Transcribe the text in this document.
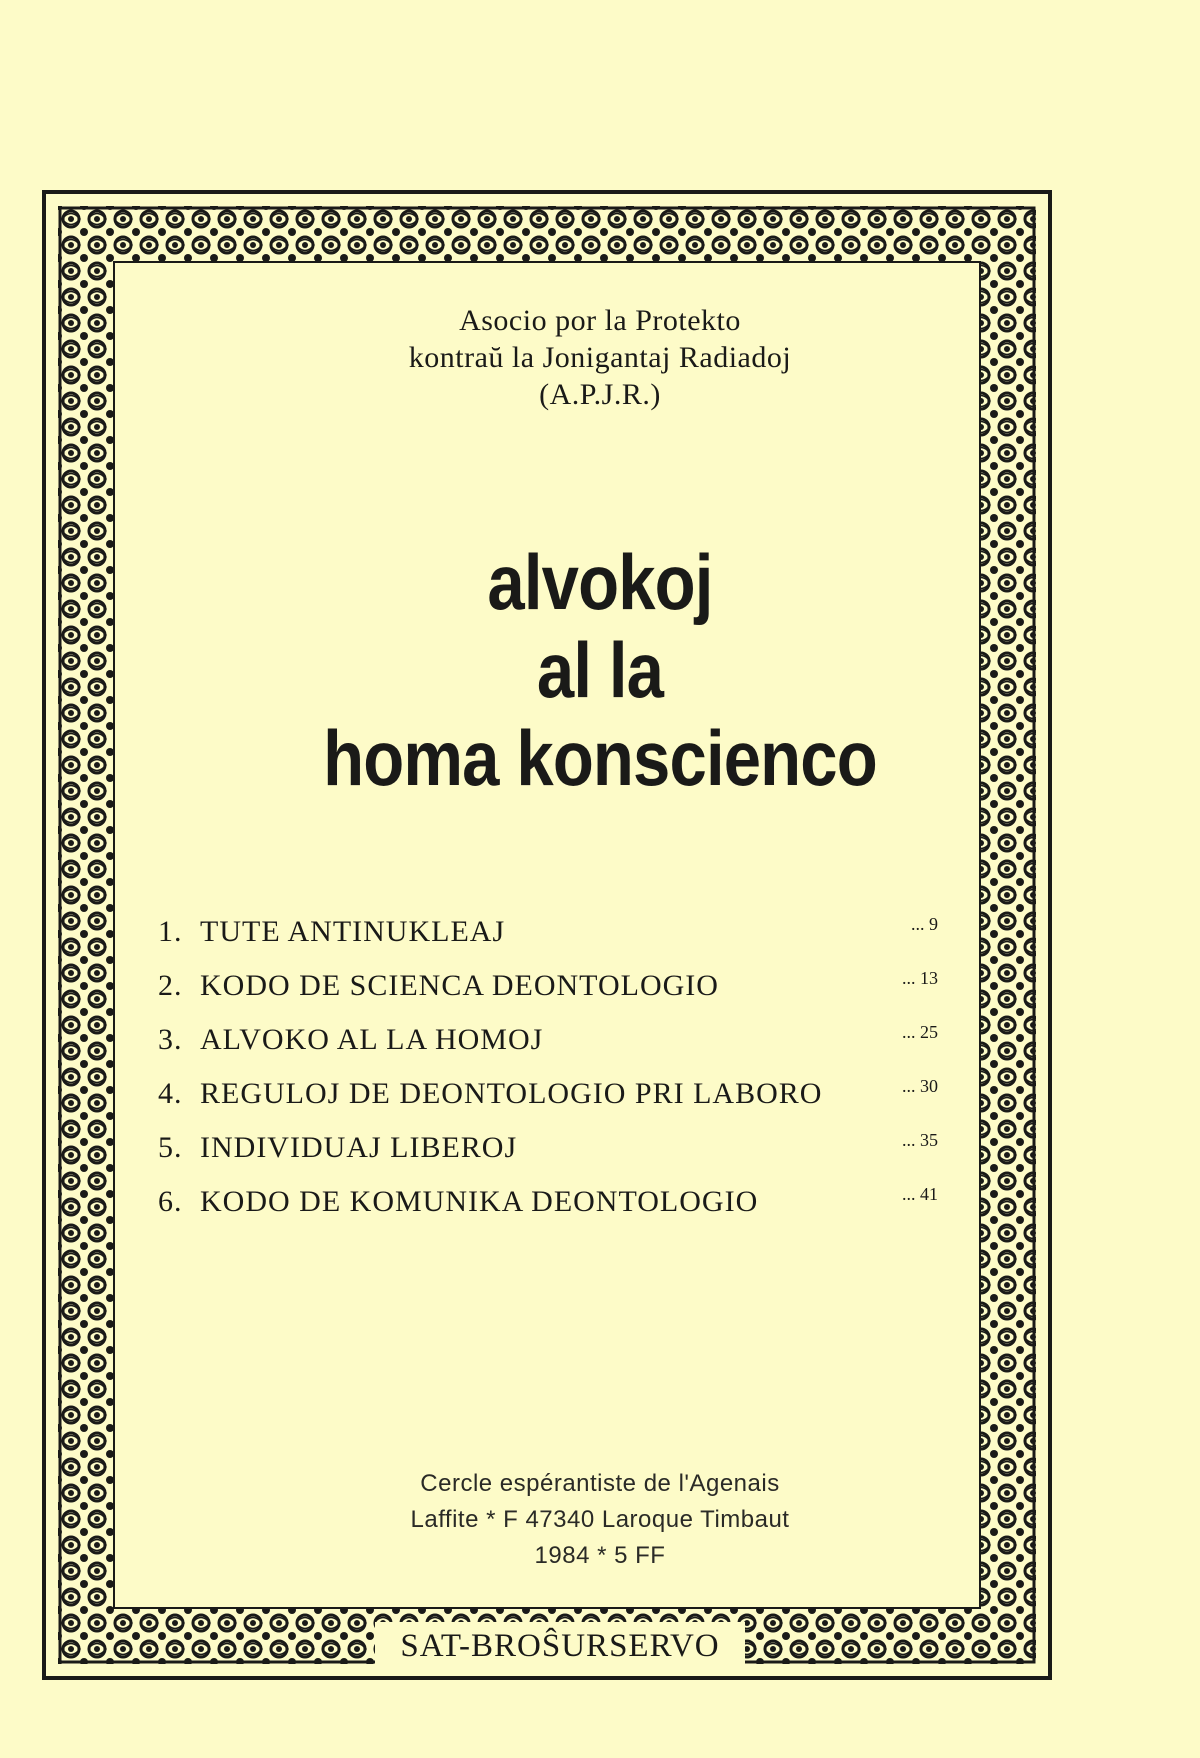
Asocio por la Protekto
kontraŭ la Jonigantaj Radiadoj
(A.P.J.R.)
alvokoj
al la
homa konscienco
1. TUTE ANTINUKLEAJ	... 9
2. KODO DE SCIENCA DEONTOLOGIO	... 13
3. ALVOKO AL LA HOMOJ	... 25
4. REGULOJ DE DEONTOLOGIO PRI LABORO	... 30
5. INDIVIDUAJ LIBEROJ	... 35
6. KODO DE KOMUNIKA DEONTOLOGIO	... 41
Cercle espérantiste de l'Agenais
Laffite * F 47340 Laroque Timbaut
1984 * 5 FF
SAT-BROŜURSERVO
